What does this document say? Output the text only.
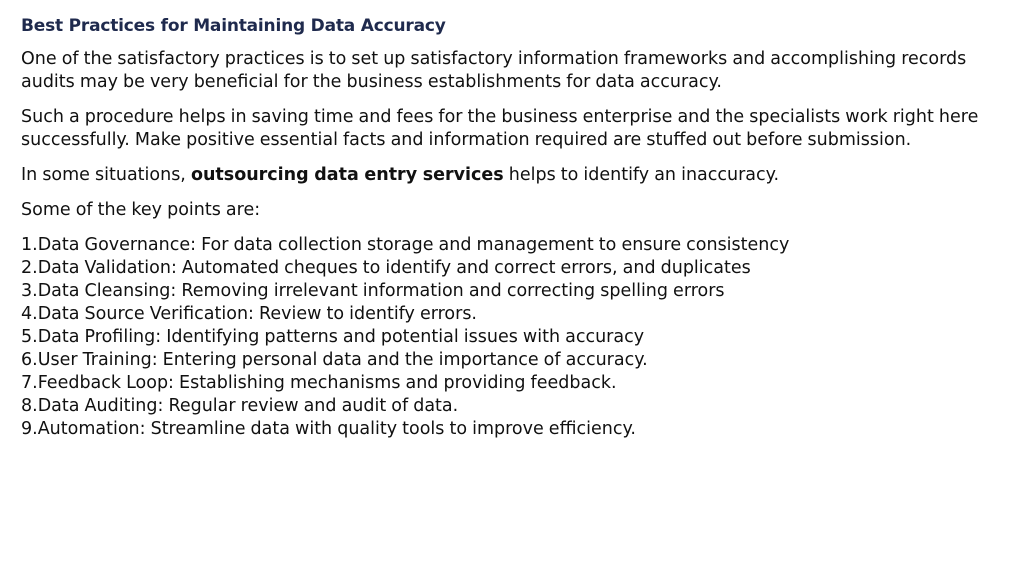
Best Practices for Maintaining Data Accuracy

One of the satisfactory practices is to set up satisfactory information frameworks and accomplishing records audits may be very beneficial for the business establishments for data accuracy.

Such a procedure helps in saving time and fees for the business enterprise and the specialists work right here successfully. Make positive essential facts and information required are stuffed out before submission.

In some situations, outsourcing data entry services helps to identify an inaccuracy.

Some of the key points are:

1.Data Governance: For data collection storage and management to ensure consistency
2.Data Validation: Automated cheques to identify and correct errors, and duplicates
3.Data Cleansing: Removing irrelevant information and correcting spelling errors
4.Data Source Verification: Review to identify errors.
5.Data Profiling: Identifying patterns and potential issues with accuracy
6.User Training: Entering personal data and the importance of accuracy.
7.Feedback Loop: Establishing mechanisms and providing feedback.
8.Data Auditing: Regular review and audit of data.
9.Automation: Streamline data with quality tools to improve efficiency.
